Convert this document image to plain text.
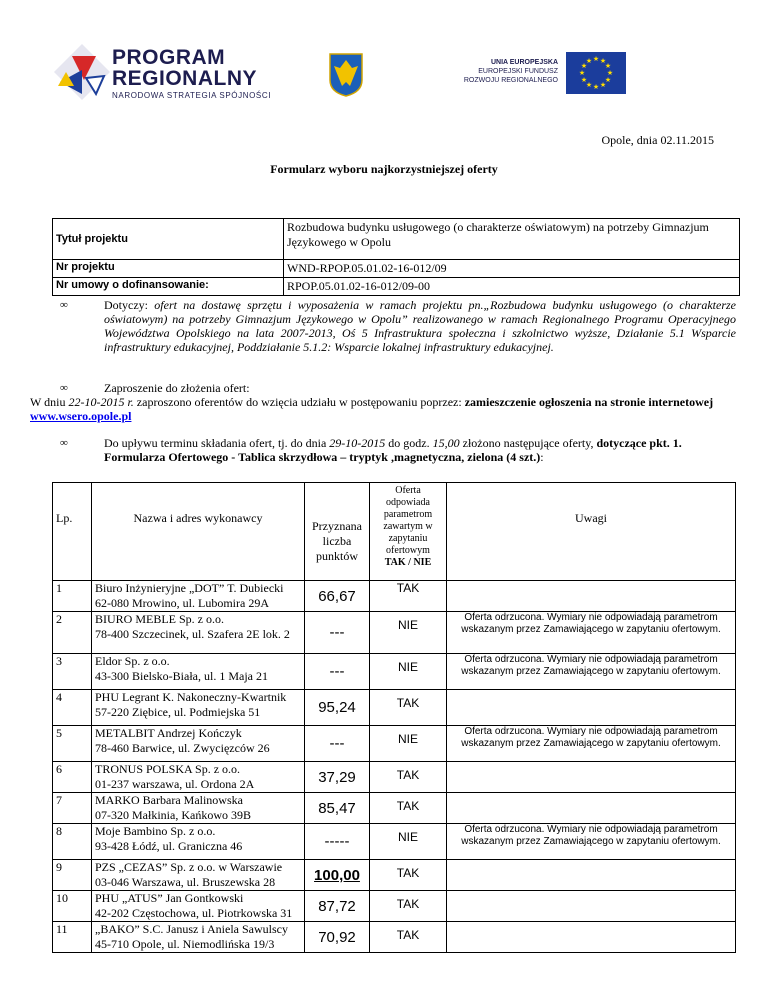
PROGRAM
REGIONALNY
NARODOWA STRATEGIA SPÓJNOŚCI
UNIA EUROPEJSKA
EUROPEJSKI FUNDUSZ
ROZWOJU REGIONALNEGO
★ ★
★
★
★
★
★
★
★
★
★
★
Opole, dnia 02.11.2015
Formularz wyboru najkorzystniejszej oferty
Tytuł projektu	Rozbudowa budynku usługowego (o charakterze oświatowym) na potrzeby Gimnazjum Językowego w Opolu
Nr projektu	WND-RPOP.05.01.02-16-012/09
Nr umowy o dofinansowanie:	RPOP.05.01.02-16-012/09-00
∞	Dotyczy: ofert na dostawę sprzętu i wyposażenia w ramach projektu pn.„Rozbudowa budynku usługowego (o charakterze oświatowym) na potrzeby Gimnazjum Językowego w Opolu” realizowanego w ramach Regionalnego Programu Operacyjnego Województwa Opolskiego na lata 2007-2013, Oś 5 Infrastruktura społeczna i szkolnictwo wyższe, Działanie 5.1 Wsparcie infrastruktury edukacyjnej, Poddziałanie 5.1.2: Wsparcie lokalnej infrastruktury edukacyjnej.
∞	Zaproszenie do złożenia ofert:
W dniu 22-10-2015 r. zaproszono oferentów do wzięcia udziału w postępowaniu poprzez: zamieszczenie ogłoszenia na stronie internetowej www.wsero.opole.pl
∞	Do upływu terminu składania ofert, tj. do dnia 29-10-2015 do godz. 15,00 złożono następujące oferty, dotyczące pkt. 1. Formularza Ofertowego - Tablica skrzydłowa – tryptyk ,magnetyczna, zielona (4 szt.):
Lp.	Nazwa i adres wykonawcy	Przyznana liczba punktów	Oferta odpowiada parametrom zawartym w zapytaniu ofertowym
TAK / NIE	Uwagi
1	Biuro Inżynieryjne „DOT” T. Dubiecki
62-080 Mrowino, ul. Lubomira 29A	66,67	TAK	
2	BIURO MEBLE Sp. z o.o.
78-400 Szczecinek, ul. Szafera 2E lok. 2	---	NIE	Oferta odrzucona. Wymiary nie odpowiadają parametrom wskazanym przez Zamawiającego w zapytaniu ofertowym.
3	Eldor Sp. z o.o.
43-300 Bielsko-Biała, ul. 1 Maja 21	---	NIE	Oferta odrzucona. Wymiary nie odpowiadają parametrom wskazanym przez Zamawiającego w zapytaniu ofertowym.
4	PHU Legrant K. Nakoneczny-Kwartnik
57-220 Ziębice, ul. Podmiejska 51	95,24	TAK	
5	METALBIT Andrzej Kończyk
78-460 Barwice, ul. Zwycięzców 26	---	NIE	Oferta odrzucona. Wymiary nie odpowiadają parametrom wskazanym przez Zamawiającego w zapytaniu ofertowym.
6	TRONUS POLSKA Sp. z o.o.
01-237 warszawa, ul. Ordona 2A	37,29	TAK	
7	MARKO Barbara Malinowska
07-320 Małkinia, Kańkowo 39B	85,47	TAK	
8	Moje Bambino Sp. z o.o.
93-428 Łódź, ul. Graniczna 46	-----	NIE	Oferta odrzucona. Wymiary nie odpowiadają parametrom wskazanym przez Zamawiającego w zapytaniu ofertowym.
9	PZS „CEZAS” Sp. z o.o. w Warszawie
03-046 Warszawa, ul. Bruszewska 28	100,00	TAK	
10	PHU „ATUS” Jan Gontkowski
42-202 Częstochowa, ul. Piotrkowska 31	87,72	TAK	
11	„BAKO” S.C. Janusz i Aniela Sawulscy
45-710 Opole, ul. Niemodlińska 19/3	70,92	TAK	
